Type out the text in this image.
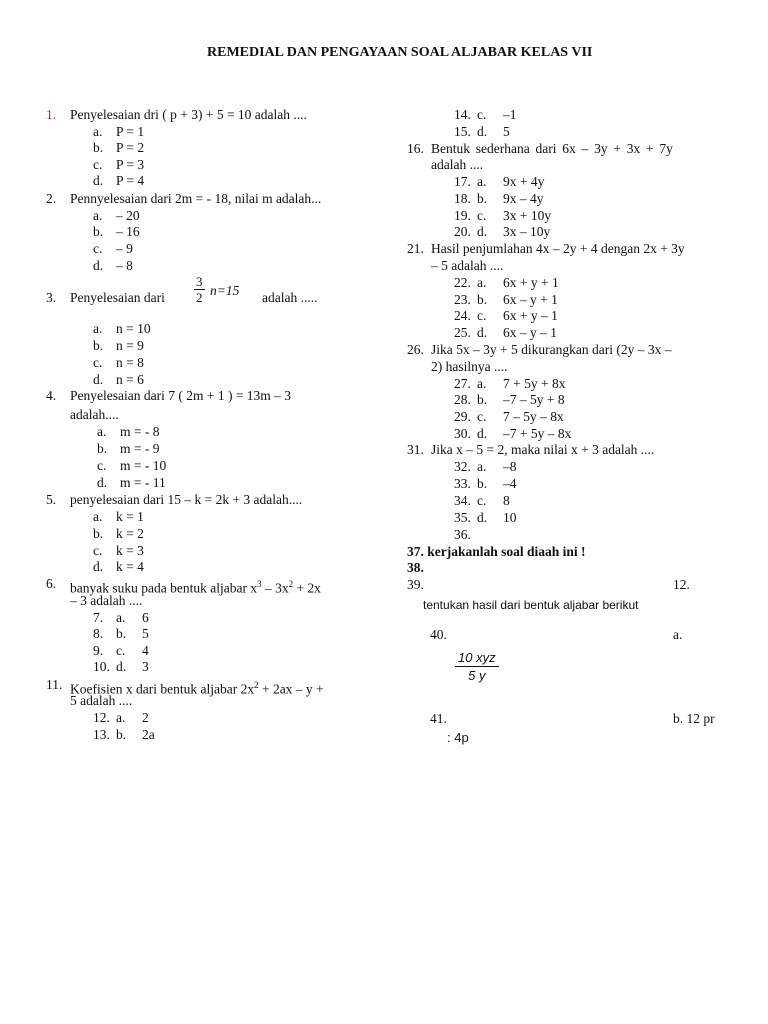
REMEDIAL DAN PENGAYAAN SOAL ALJABAR KELAS VII
1. Penyelesaian dri ( p + 3) + 5 = 10 adalah ....
a. P = 1
b. P = 2
c. P = 3
d. P = 4
2. Pennyelesaian dari 2m = - 18, nilai m adalah...
a. – 20
b. – 16
c. – 9
d. – 8
3. Penyelesaian dari $\frac{3}{2} n=15$ adalah .....
a. n = 10
b. n = 9
c. n = 8
d. n = 6
4. Penyelesaian dari 7 ( 2m + 1 ) = 13m – 3
adalah....
a. m = - 8
b. m = - 9
c. m = - 10
d. m = - 11
5. penyelesaian dari 15 – k = 2k + 3 adalah....
a. k = 1
b. k = 2
c. k = 3
d. k = 4
6. banyak suku pada bentuk aljabar $x^3 - 3x^2 + 2x$
– 3 adalah ....
7. a. 6
8. b. 5
9. c. 4
10. d. 3
11. Koefisien x dari bentuk aljabar $2x^2 + 2ax - y$ +
5 adalah ....
12. a. 2
13. b. 2a
14. c. –1
15. d. 5
16. Bentuk sederhana dari 6x – 3y + 3x + 7y
adalah ....
17. a. 9x + 4y
18. b. 9x – 4y
19. c. 3x + 10y
20. d. 3x – 10y
21. Hasil penjumlahan 4x – 2y + 4 dengan 2x + 3y
– 5 adalah ....
22. a. 6x + y + 1
23. b. 6x – y + 1
24. c. 6x + y – 1
25. d. 6x – y – 1
26. Jika 5x – 3y + 5 dikurangkan dari (2y – 3x –
2) hasilnya ....
27. a. 7 + 5y + 8x
28. b. –7 – 5y + 8
29. c. 7 – 5y – 8x
30. d. –7 + 5y – 8x
31. Jika x – 5 = 2, maka nilai x + 3 adalah ....
32. a. –8
33. b. –4
34. c. 8
35. d. 10
36.
37. kerjakanlah soal diaah ini !
38.
39.	12.
tentukan hasil dari bentuk aljabar berikut
40.	a.
10 xyz
5 y
41.	b. 12 pr
: 4p
